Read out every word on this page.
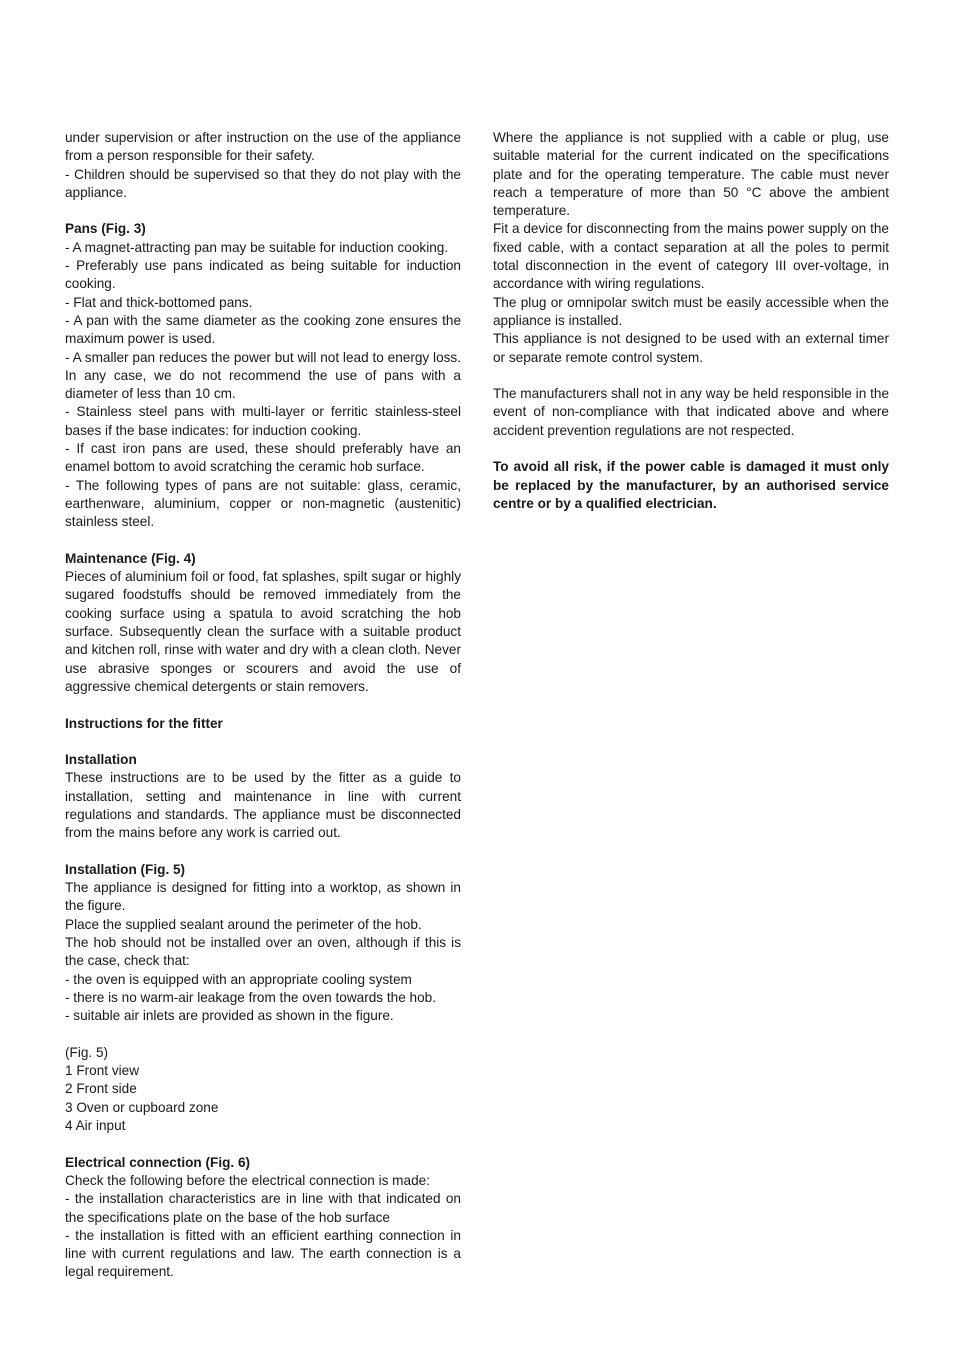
under supervision or after instruction on the use of the appliance from a person responsible for their safety.

- Children should be supervised so that they do not play with the appliance.

Pans (Fig. 3)

- A magnet-attracting pan may be suitable for induction cooking.

- Preferably use pans indicated as being suitable for induction cooking.

- Flat and thick-bottomed pans.

- A pan with the same diameter as the cooking zone ensures the maximum power is used.

- A smaller pan reduces the power but will not lead to energy loss. In any case, we do not recommend the use of pans with a diameter of less than 10 cm.

- Stainless steel pans with multi-layer or ferritic stainless-steel bases if the base indicates: for induction cooking.

- If cast iron pans are used, these should preferably have an enamel bottom to avoid scratching the ceramic hob surface.

- The following types of pans are not suitable: glass, ceramic, earthenware, aluminium, copper or non-magnetic (austenitic) stainless steel.

Maintenance (Fig. 4)

Pieces of aluminium foil or food, fat splashes, spilt sugar or highly sugared foodstuffs should be removed immediately from the cooking surface using a spatula to avoid scratching the hob surface. Subsequently clean the surface with a suitable product and kitchen roll, rinse with water and dry with a clean cloth. Never use abrasive sponges or scourers and avoid the use of aggressive chemical detergents or stain removers.

Instructions for the fitter

Installation

These instructions are to be used by the fitter as a guide to installation, setting and maintenance in line with current regulations and standards. The appliance must be disconnected from the mains before any work is carried out.

Installation (Fig. 5)

The appliance is designed for fitting into a worktop, as shown in the figure.

Place the supplied sealant around the perimeter of the hob.

The hob should not be installed over an oven, although if this is the case, check that:

- the oven is equipped with an appropriate cooling system

- there is no warm-air leakage from the oven towards the hob.

- suitable air inlets are provided as shown in the figure.

(Fig. 5)

1 Front view

2 Front side

3 Oven or cupboard zone

4 Air input

Electrical connection (Fig. 6)

Check the following before the electrical connection is made:

- the installation characteristics are in line with that indicated on the specifications plate on the base of the hob surface

- the installation is fitted with an efficient earthing connection in line with current regulations and law. The earth connection is a legal requirement.

Where the appliance is not supplied with a cable or plug, use suitable material for the current indicated on the specifications plate and for the operating temperature. The cable must never reach a temperature of more than 50 °C above the ambient temperature.

Fit a device for disconnecting from the mains power supply on the fixed cable, with a contact separation at all the poles to permit total disconnection in the event of category III over-voltage, in accordance with wiring regulations.

The plug or omnipolar switch must be easily accessible when the appliance is installed.

This appliance is not designed to be used with an external timer or separate remote control system.

The manufacturers shall not in any way be held responsible in the event of non-compliance with that indicated above and where accident prevention regulations are not respected.

To avoid all risk, if the power cable is damaged it must only be replaced by the manufacturer, by an authorised service centre or by a qualified electrician.
